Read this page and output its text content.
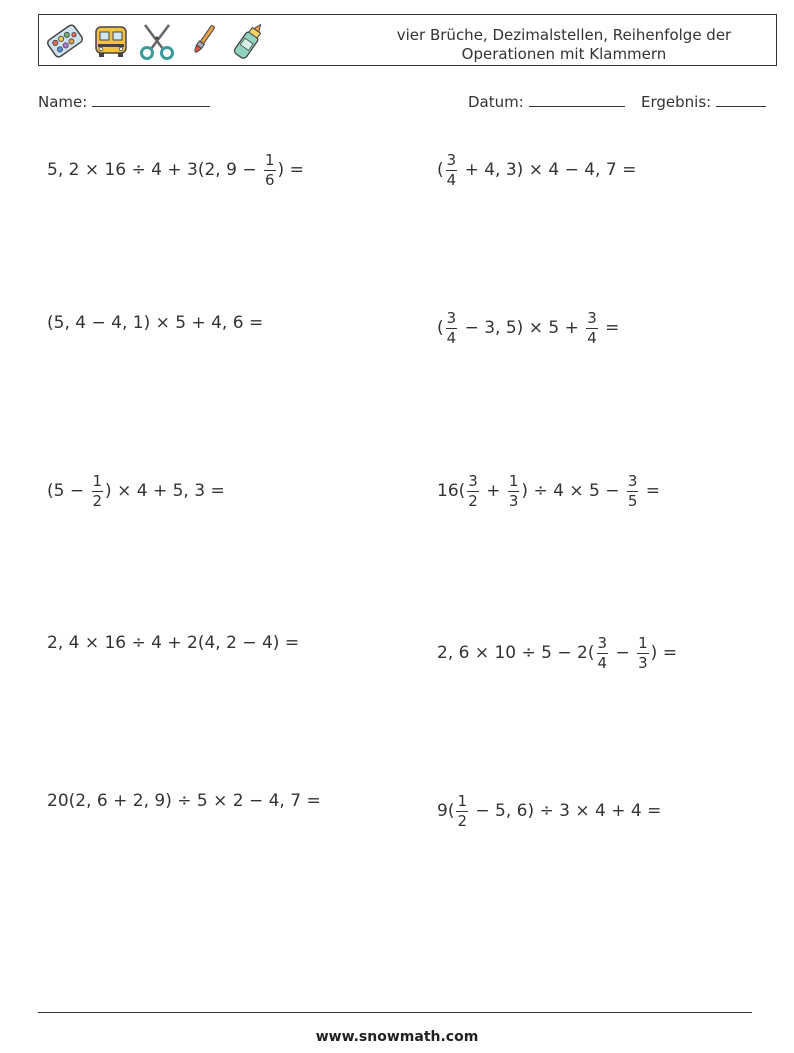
vier Brüche, Dezimalstellen, Reihenfolge der
Operationen mit Klammern
Name:	Datum:	Ergebnis:
5, 2 × 16 ÷ 4 + 3(2, $9 - \frac{1}{6}$ ) =	( $\frac{3}{4} + 4$, 3) × 4 − 4, 7 =
(5, 4 − 4, 1) × 5 + 4, 6 =	( $\frac{3}{4} - 3$, $5) \times 5 + \frac{3}{4}$ =
($5 - \frac{1}{2}$ ) × 4 + 5, 3 =	$16( \frac{3}{2} + \frac{1}{3}$ ) ÷ $4 \times 5 - \frac{3}{5}$ =
2, 4 × 16 ÷ 4 + 2(4, 2 − 4) =	2, $6 \times 10 \div 5 - 2( \frac{3}{4} - \frac{1}{3}$ ) =
20(2, 6 + 2, 9) ÷ 5 × 2 − 4, 7 =	$9( \frac{1}{2} - 5$, 6) ÷ 3 × 4 + 4 =
www.snowmath.com
